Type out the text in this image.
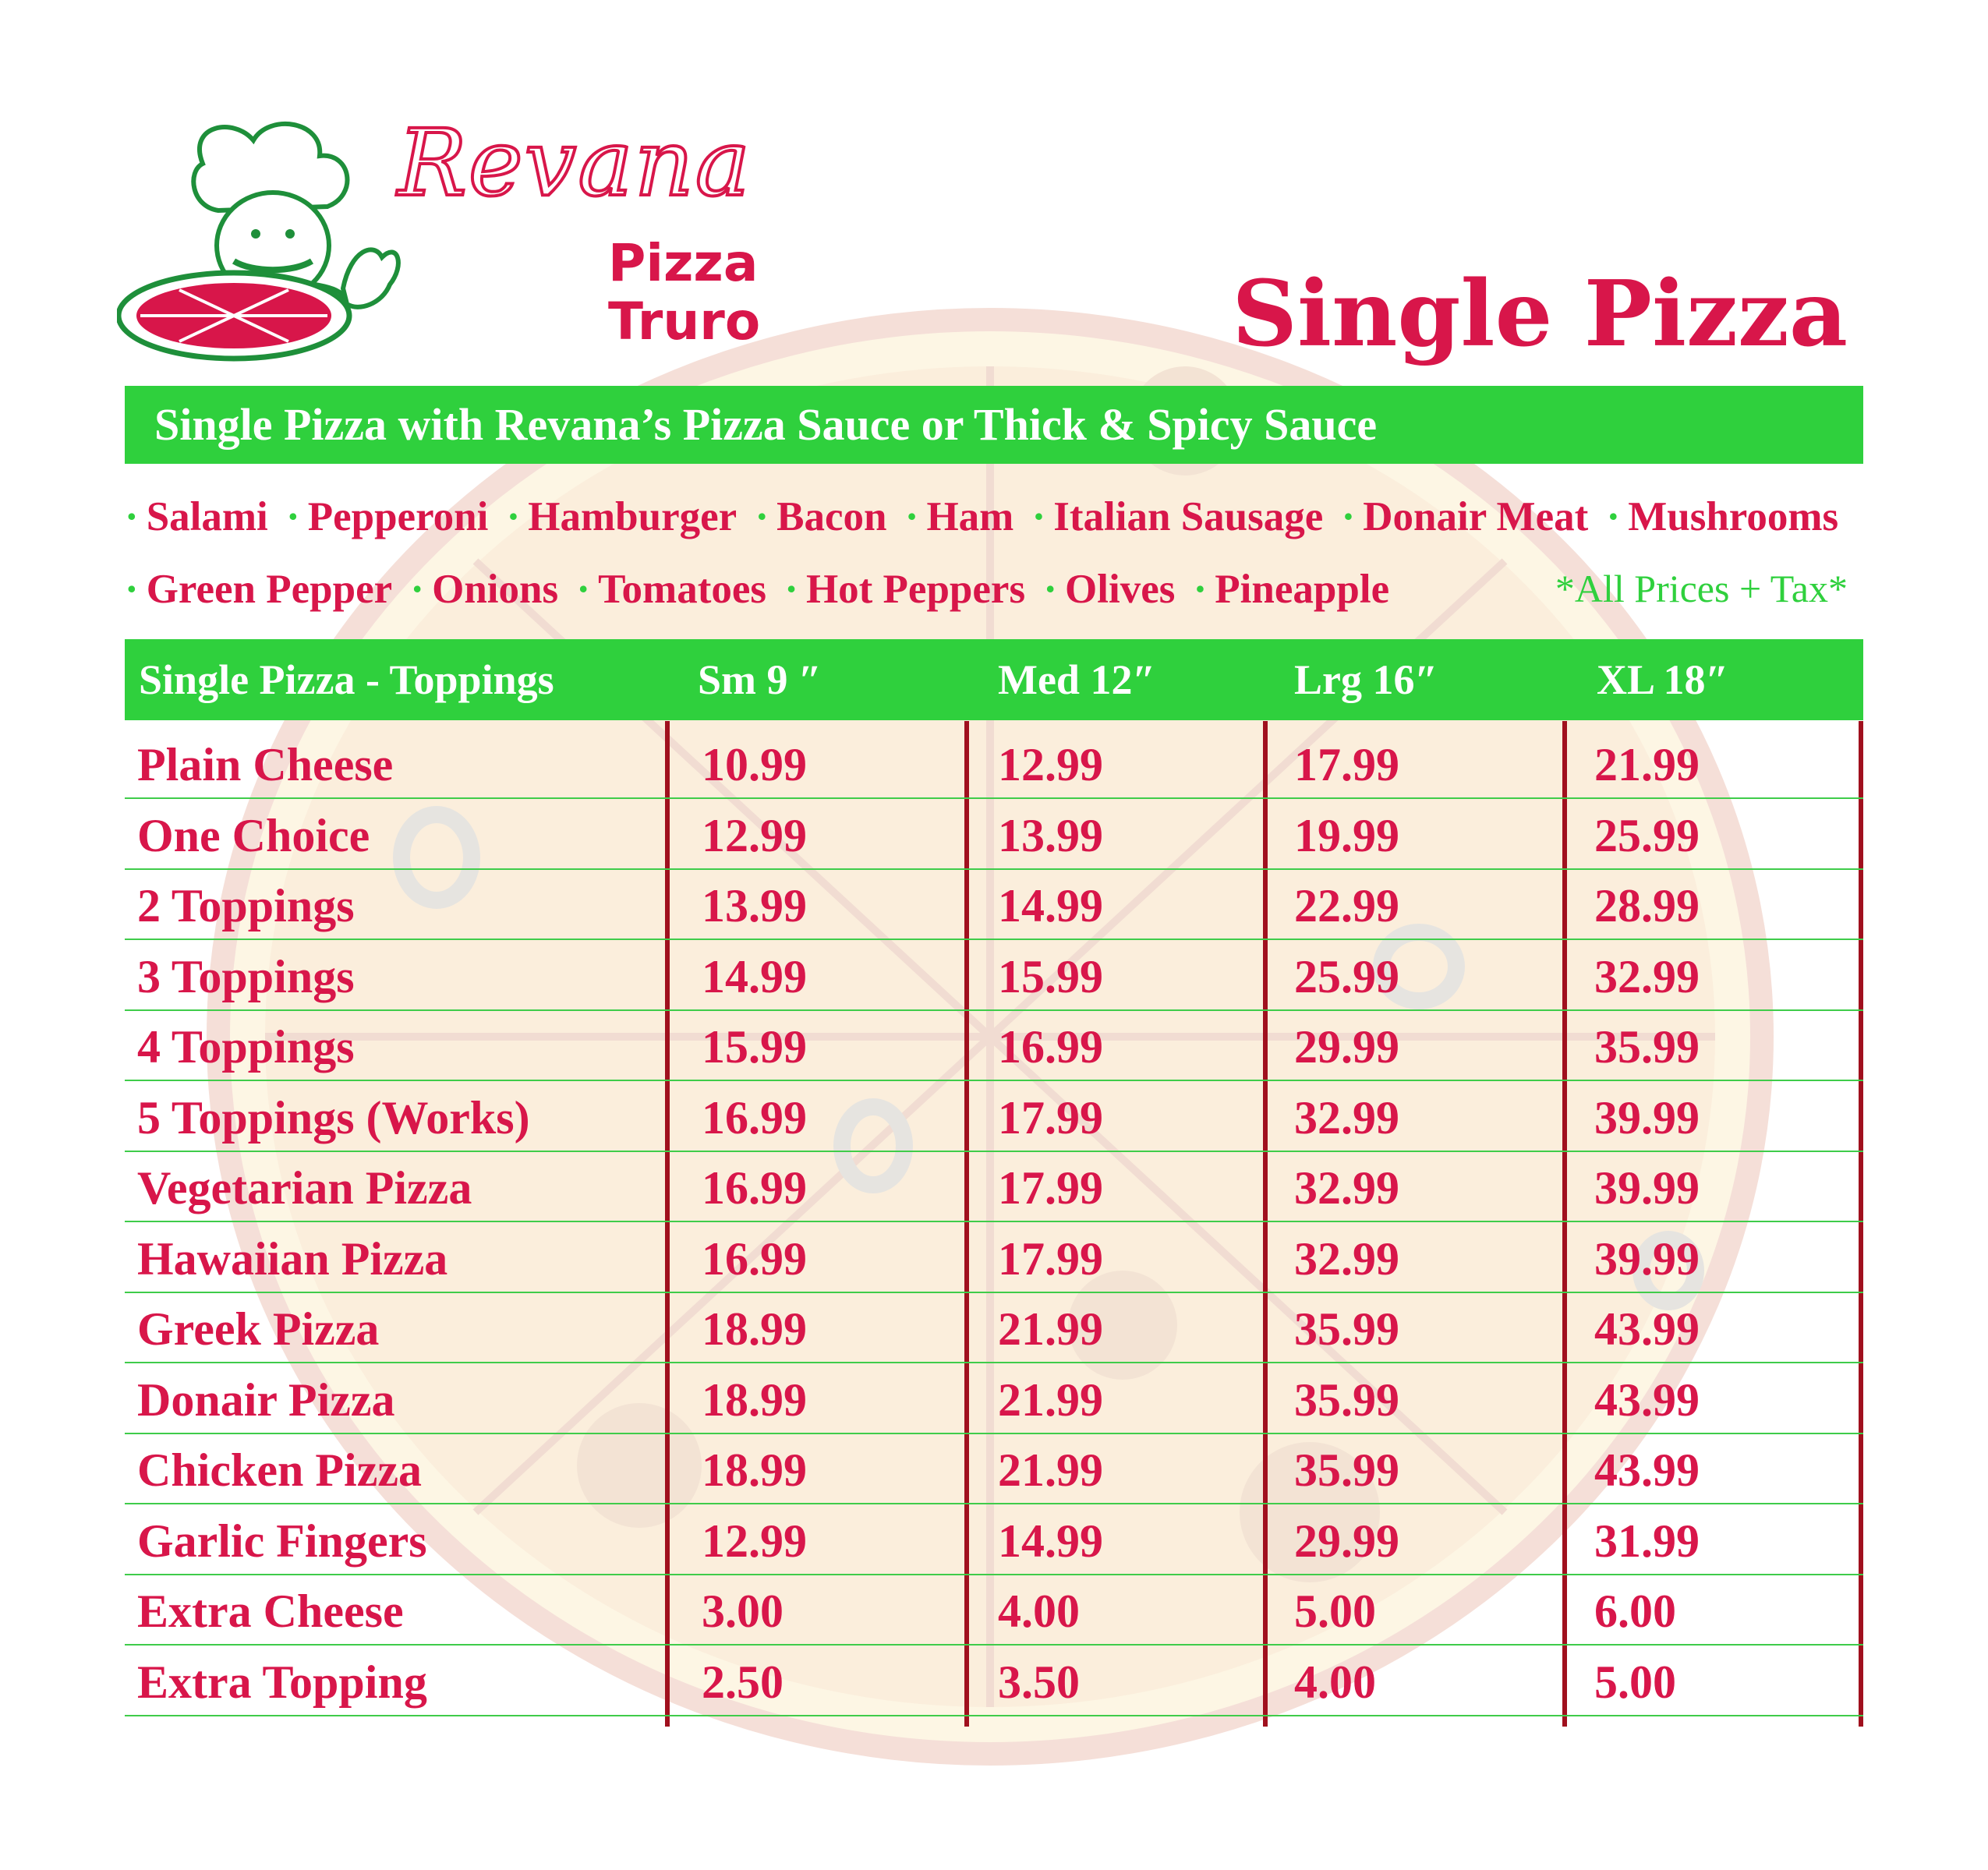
Revana
Pizza
Truro	Single Pizza
Single Pizza with Revana’s Pizza Sauce or Thick & Spicy Sauce
· Salami · Pepperoni · Hamburger · Bacon · Ham · Italian Sausage · Donair Meat · Mushrooms
· Green Pepper · Onions · Tomatoes · Hot Peppers · Olives · Pineapple	*All Prices + Tax*
Single Pizza - Toppings	Sm 9 ″	Med 12″	Lrg 16″	XL 18″
Plain Cheese	10.99	12.99	17.99	21.99
One Choice	12.99	13.99	19.99	25.99
2 Toppings	13.99	14.99	22.99	28.99
3 Toppings	14.99	15.99	25.99	32.99
4 Toppings	15.99	16.99	29.99	35.99
5 Toppings (Works)	16.99	17.99	32.99	39.99
Vegetarian Pizza	16.99	17.99	32.99	39.99
Hawaiian Pizza	16.99	17.99	32.99	39.99
Greek Pizza	18.99	21.99	35.99	43.99
Donair Pizza	18.99	21.99	35.99	43.99
Chicken Pizza	18.99	21.99	35.99	43.99
Garlic Fingers	12.99	14.99	29.99	31.99
Extra Cheese	3.00	4.00	5.00	6.00
Extra Topping	2.50	3.50	4.00	5.00
